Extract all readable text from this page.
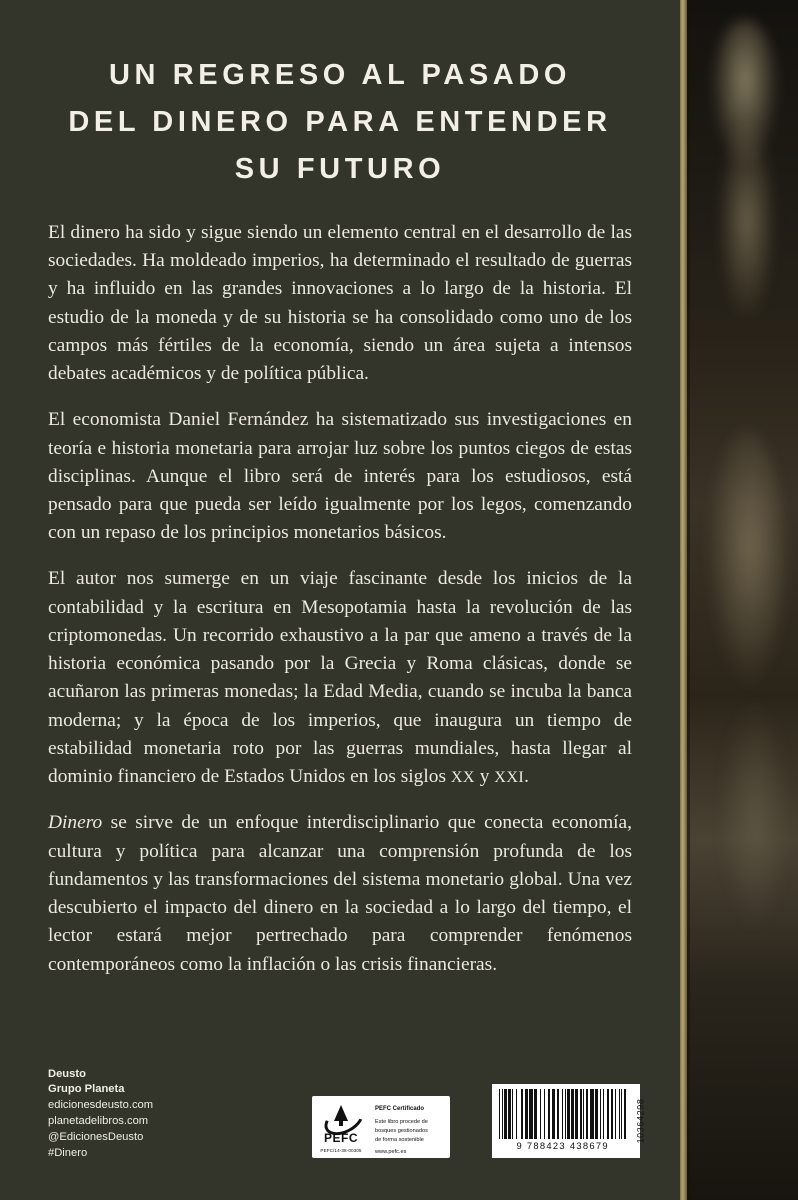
UN REGRESO AL PASADO
DEL DINERO PARA ENTENDER
SU FUTURO

El dinero ha sido y sigue siendo un elemento central en el desarrollo de las sociedades. Ha moldeado imperios, ha determinado el resultado de guerras y ha influido en las grandes innovaciones a lo largo de la historia. El estudio de la moneda y de su historia se ha consolidado como uno de los campos más fértiles de la economía, siendo un área sujeta a intensos debates académicos y de política pública.

El economista Daniel Fernández ha sistematizado sus investigaciones en teoría e historia monetaria para arrojar luz sobre los puntos ciegos de estas disciplinas. Aunque el libro será de interés para los estudiosos, está pensado para que pueda ser leído igualmente por los legos, comenzando con un repaso de los principios monetarios básicos.

El autor nos sumerge en un viaje fascinante desde los inicios de la contabilidad y la escritura en Mesopotamia hasta la revolución de las criptomonedas. Un recorrido exhaustivo a la par que ameno a través de la historia económica pasando por la Grecia y Roma clásicas, donde se acuñaron las primeras monedas; la Edad Media, cuando se incuba la banca moderna; y la época de los imperios, que inaugura un tiempo de estabilidad monetaria roto por las guerras mundiales, hasta llegar al dominio financiero de Estados Unidos en los siglos XX y XXI.

Dinero se sirve de un enfoque interdisciplinario que conecta economía, cultura y política para alcanzar una comprensión profunda de los fundamentos y las transformaciones del sistema monetario global. Una vez descubierto el impacto del dinero en la sociedad a lo largo del tiempo, el lector estará mejor pertrechado para comprender fenómenos contemporáneos como la inflación o las crisis financieras.

Deusto
Grupo Planeta
edicionesdeusto.com
planetadelibros.com
@EdicionesDeusto
#Dinero
PEFC
PEFC/14-38-00305
PEFC Certificado
Este libro procede de
bosques gestionados
de forma sostenible
www.pefc.es
9 788423 438679
10364298
